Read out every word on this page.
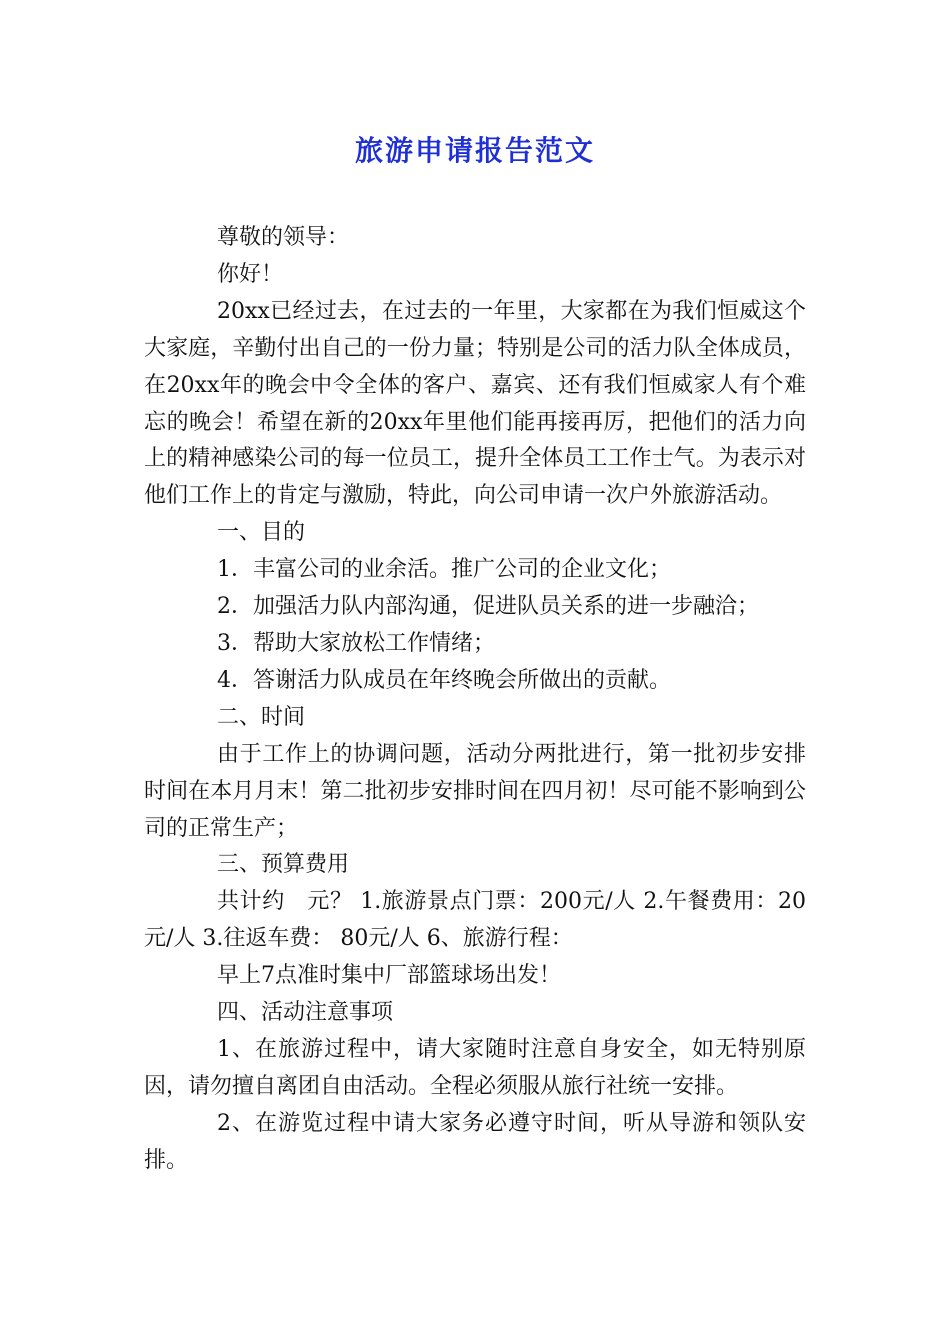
旅游申请报告范文

尊敬的领导：

你好！

20xx已经过去，在过去的一年里，大家都在为我们恒威这个大家庭，辛勤付出自己的一份力量；特别是公司的活力队全体成员，在20xx年的晚会中令全体的客户、嘉宾、还有我们恒威家人有个难忘的晚会！希望在新的20xx年里他们能再接再厉，把他们的活力向上的精神感染公司的每一位员工，提升全体员工工作士气。为表示对他们工作上的肯定与激励，特此，向公司申请一次户外旅游活动。

一、目的

1．丰富公司的业余活。推广公司的企业文化；

2．加强活力队内部沟通，促进队员关系的进一步融洽；

3．帮助大家放松工作情绪；

4．答谢活力队成员在年终晚会所做出的贡献。

二、时间

由于工作上的协调问题，活动分两批进行，第一批初步安排时间在本月月末！第二批初步安排时间在四月初！尽可能不影响到公司的正常生产；

三、预算费用

共计约　元？ 1.旅游景点门票：200元/人 2.午餐费用：20元/人 3.往返车费： 80元/人 6、旅游行程：

早上7点准时集中厂部篮球场出发！

四、活动注意事项

1、在旅游过程中，请大家随时注意自身安全，如无特别原因，请勿擅自离团自由活动。全程必须服从旅行社统一安排。

2、在游览过程中请大家务必遵守时间，听从导游和领队安排。
